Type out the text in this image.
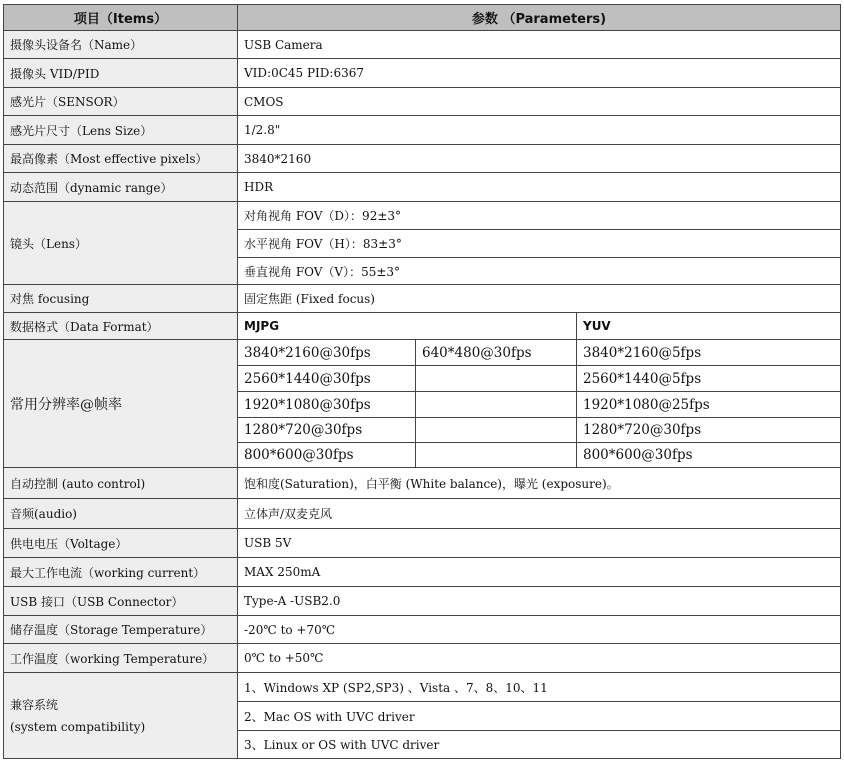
项目（Items）	参数 （Parameters)		
摄像头设备名（Name）	USB Camera		
摄像头 VID/PID	VID:0C45 PID:6367		
感光片（SENSOR）	CMOS		
感光片尺寸（Lens Size）	1/2.8"		
最高像素（Most effective pixels）	3840*2160		
动态范围（dynamic range）	HDR		
镜头（Lens）	对角视角 FOV（D）：92±3°		
	水平视角 FOV（H）：83±3°		
	垂直视角 FOV（V）：55±3°		
对焦 focusing	固定焦距 (Fixed focus)		
数据格式（Data Format）	MJPG		YUV
常用分辨率@帧率	3840*2160@30fps	640*480@30fps	3840*2160@5fps
	2560*1440@30fps		2560*1440@5fps
	1920*1080@30fps		1920*1080@25fps
	1280*720@30fps		1280*720@30fps
	800*600@30fps		800*600@30fps
自动控制 (auto control)	饱和度(Saturation)，白平衡 (White balance)，曝光 (exposure)。		
音频(audio)	立体声/双麦克风		
供电电压（Voltage）	USB 5V		
最大工作电流（working current）	MAX 250mA		
USB 接口（USB Connector）	Type-A -USB2.0		
储存温度（Storage Temperature）	-20℃ to +70℃		
工作温度（working Temperature）	0℃ to +50℃		

兼容系统
(system compatibility)	1、Windows XP (SP2,SP3) 、Vista 、7、8、10、11		
	2、Mac OS with UVC driver		
	3、Linux or OS with UVC driver		
